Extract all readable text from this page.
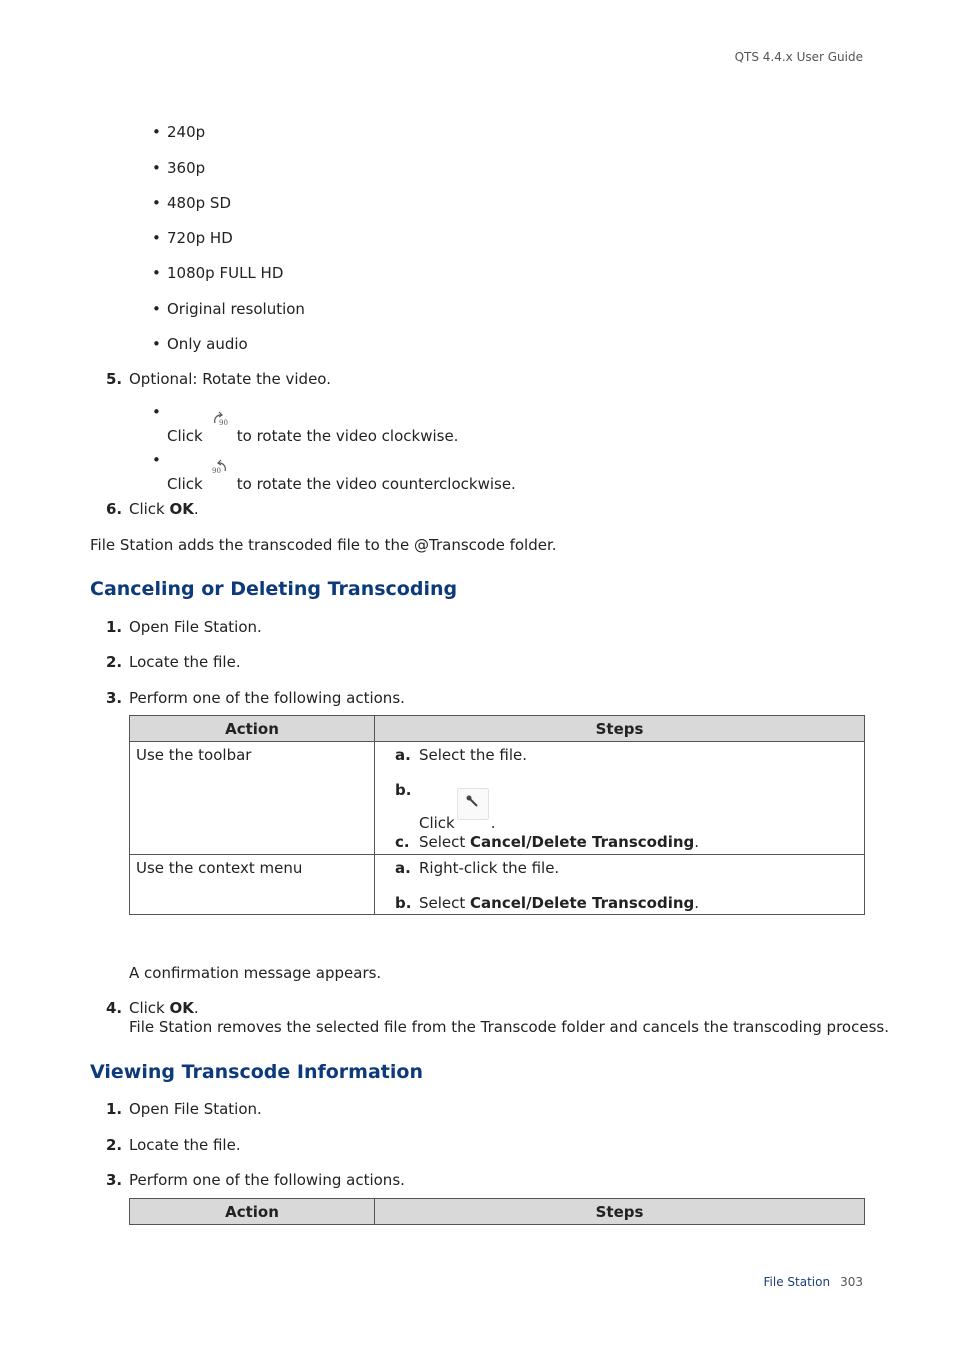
QTS 4.4.x User Guide
• 240p
• 360p
• 480p SD
• 720p HD
• 1080p FULL HD
• Original resolution
• Only audio
5. Optional: Rotate the video.
•Click
90
to rotate the video clockwise.
•Click
90
to rotate the video counterclockwise.
6. Click OK.
File Station adds the transcoded file to the @Transcode folder.
Canceling or Deleting Transcoding
1. Open File Station.
2. Locate the file.
3. Perform one of the following actions.
Action	Steps
Use the toolbar	a. Select the file.
b.
Click .
c. Select Cancel/Delete Transcoding.

Use the context menu	a. Right-click the file.
b. Select Cancel/Delete Transcoding.
A confirmation message appears.
4. Click OK.
File Station removes the selected file from the Transcode folder and cancels the transcoding process.
Viewing Transcode Information
1. Open File Station.
2. Locate the file.
3. Perform one of the following actions.
Action	Steps
File Station 303
